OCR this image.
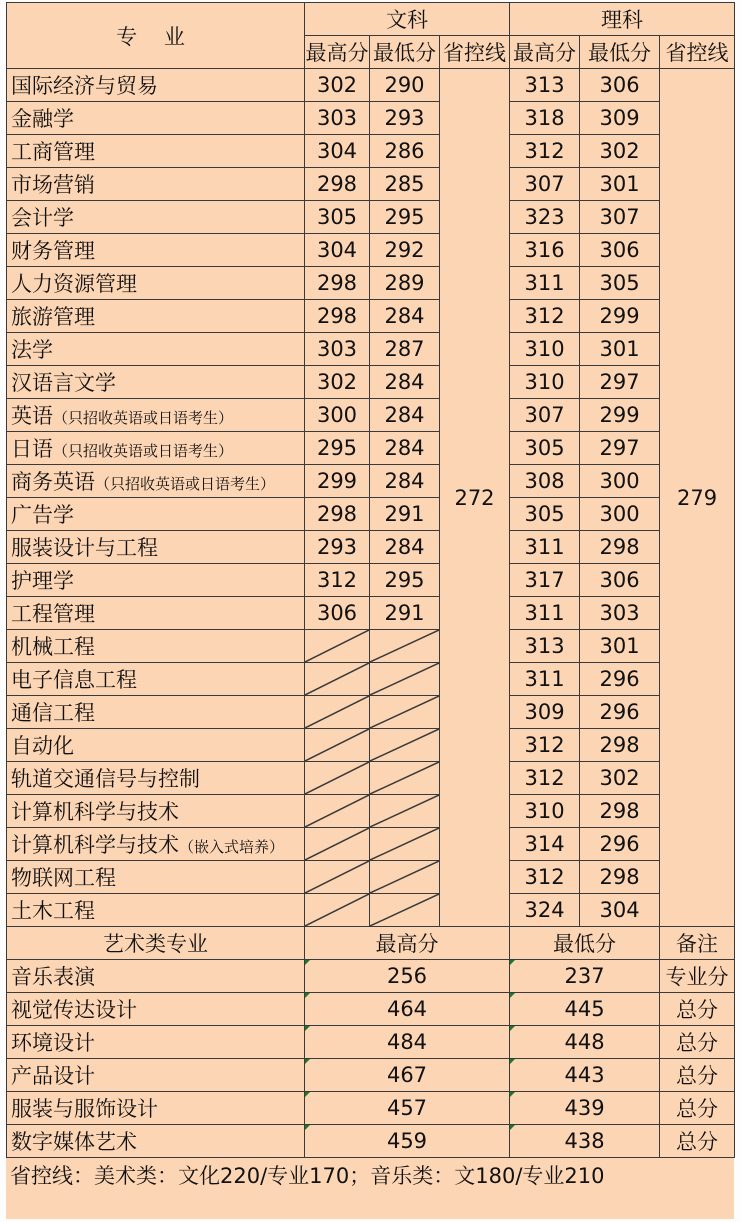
专 业	文科			理科		
	最高分	最低分	省控线	最高分	最低分	省控线
国际经济与贸易	302	290	272	313	306	279
金融学	303	293		318	309	
工商管理	304	286		312	302	
市场营销	298	285		307	301	
会计学	305	295		323	307	
财务管理	304	292		316	306	
人力资源管理	298	289		311	305	
旅游管理	298	284		312	299	
法学	303	287		310	301	
汉语言文学	302	284		310	297	
英语（只招收英语或日语考生）	300	284		307	299	
日语（只招收英语或日语考生）	295	284		305	297	
商务英语（只招收英语或日语考生）	299	284		308	300	
广告学	298	291		305	300	
服装设计与工程	293	284		311	298	
护理学	312	295		317	306	
工程管理	306	291		311	303	
机械工程				313	301	
电子信息工程				311	296	
通信工程				309	296	
自动化				312	298	
轨道交通信号与控制				312	302	
计算机科学与技术				310	298	
计算机科学与技术（嵌入式培养）				314	296	
物联网工程				312	298	
土木工程				324	304	
艺术类专业	最高分			最低分		备注
音乐表演	256			237		专业分
视觉传达设计	464			445		总分
环境设计	484			448		总分
产品设计	467			443		总分
服装与服饰设计	457			439		总分
数字媒体艺术	459			438		总分
省控线：美术类：文化220/专业170；音乐类：文180/专业210
